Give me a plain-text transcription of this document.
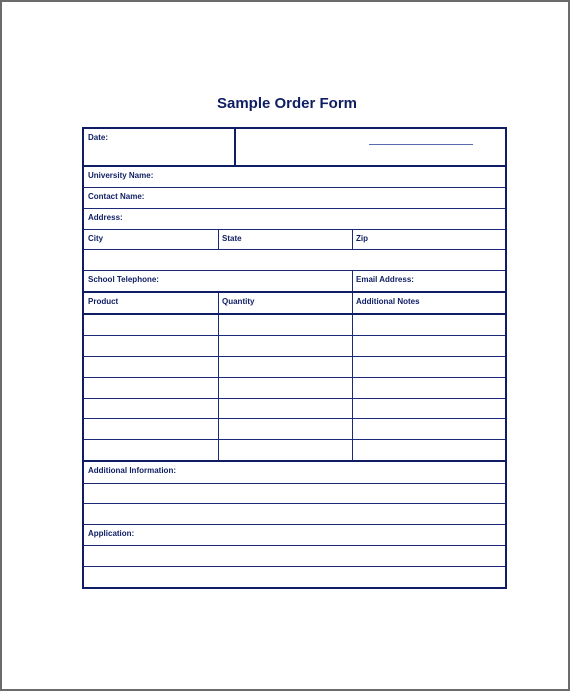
Sample Order Form
Date:
University Name:
Contact Name:
Address:
City	State	Zip
School Telephone:	Email Address:
Product	Quantity	Additional Notes
Additional Information:
Application:
